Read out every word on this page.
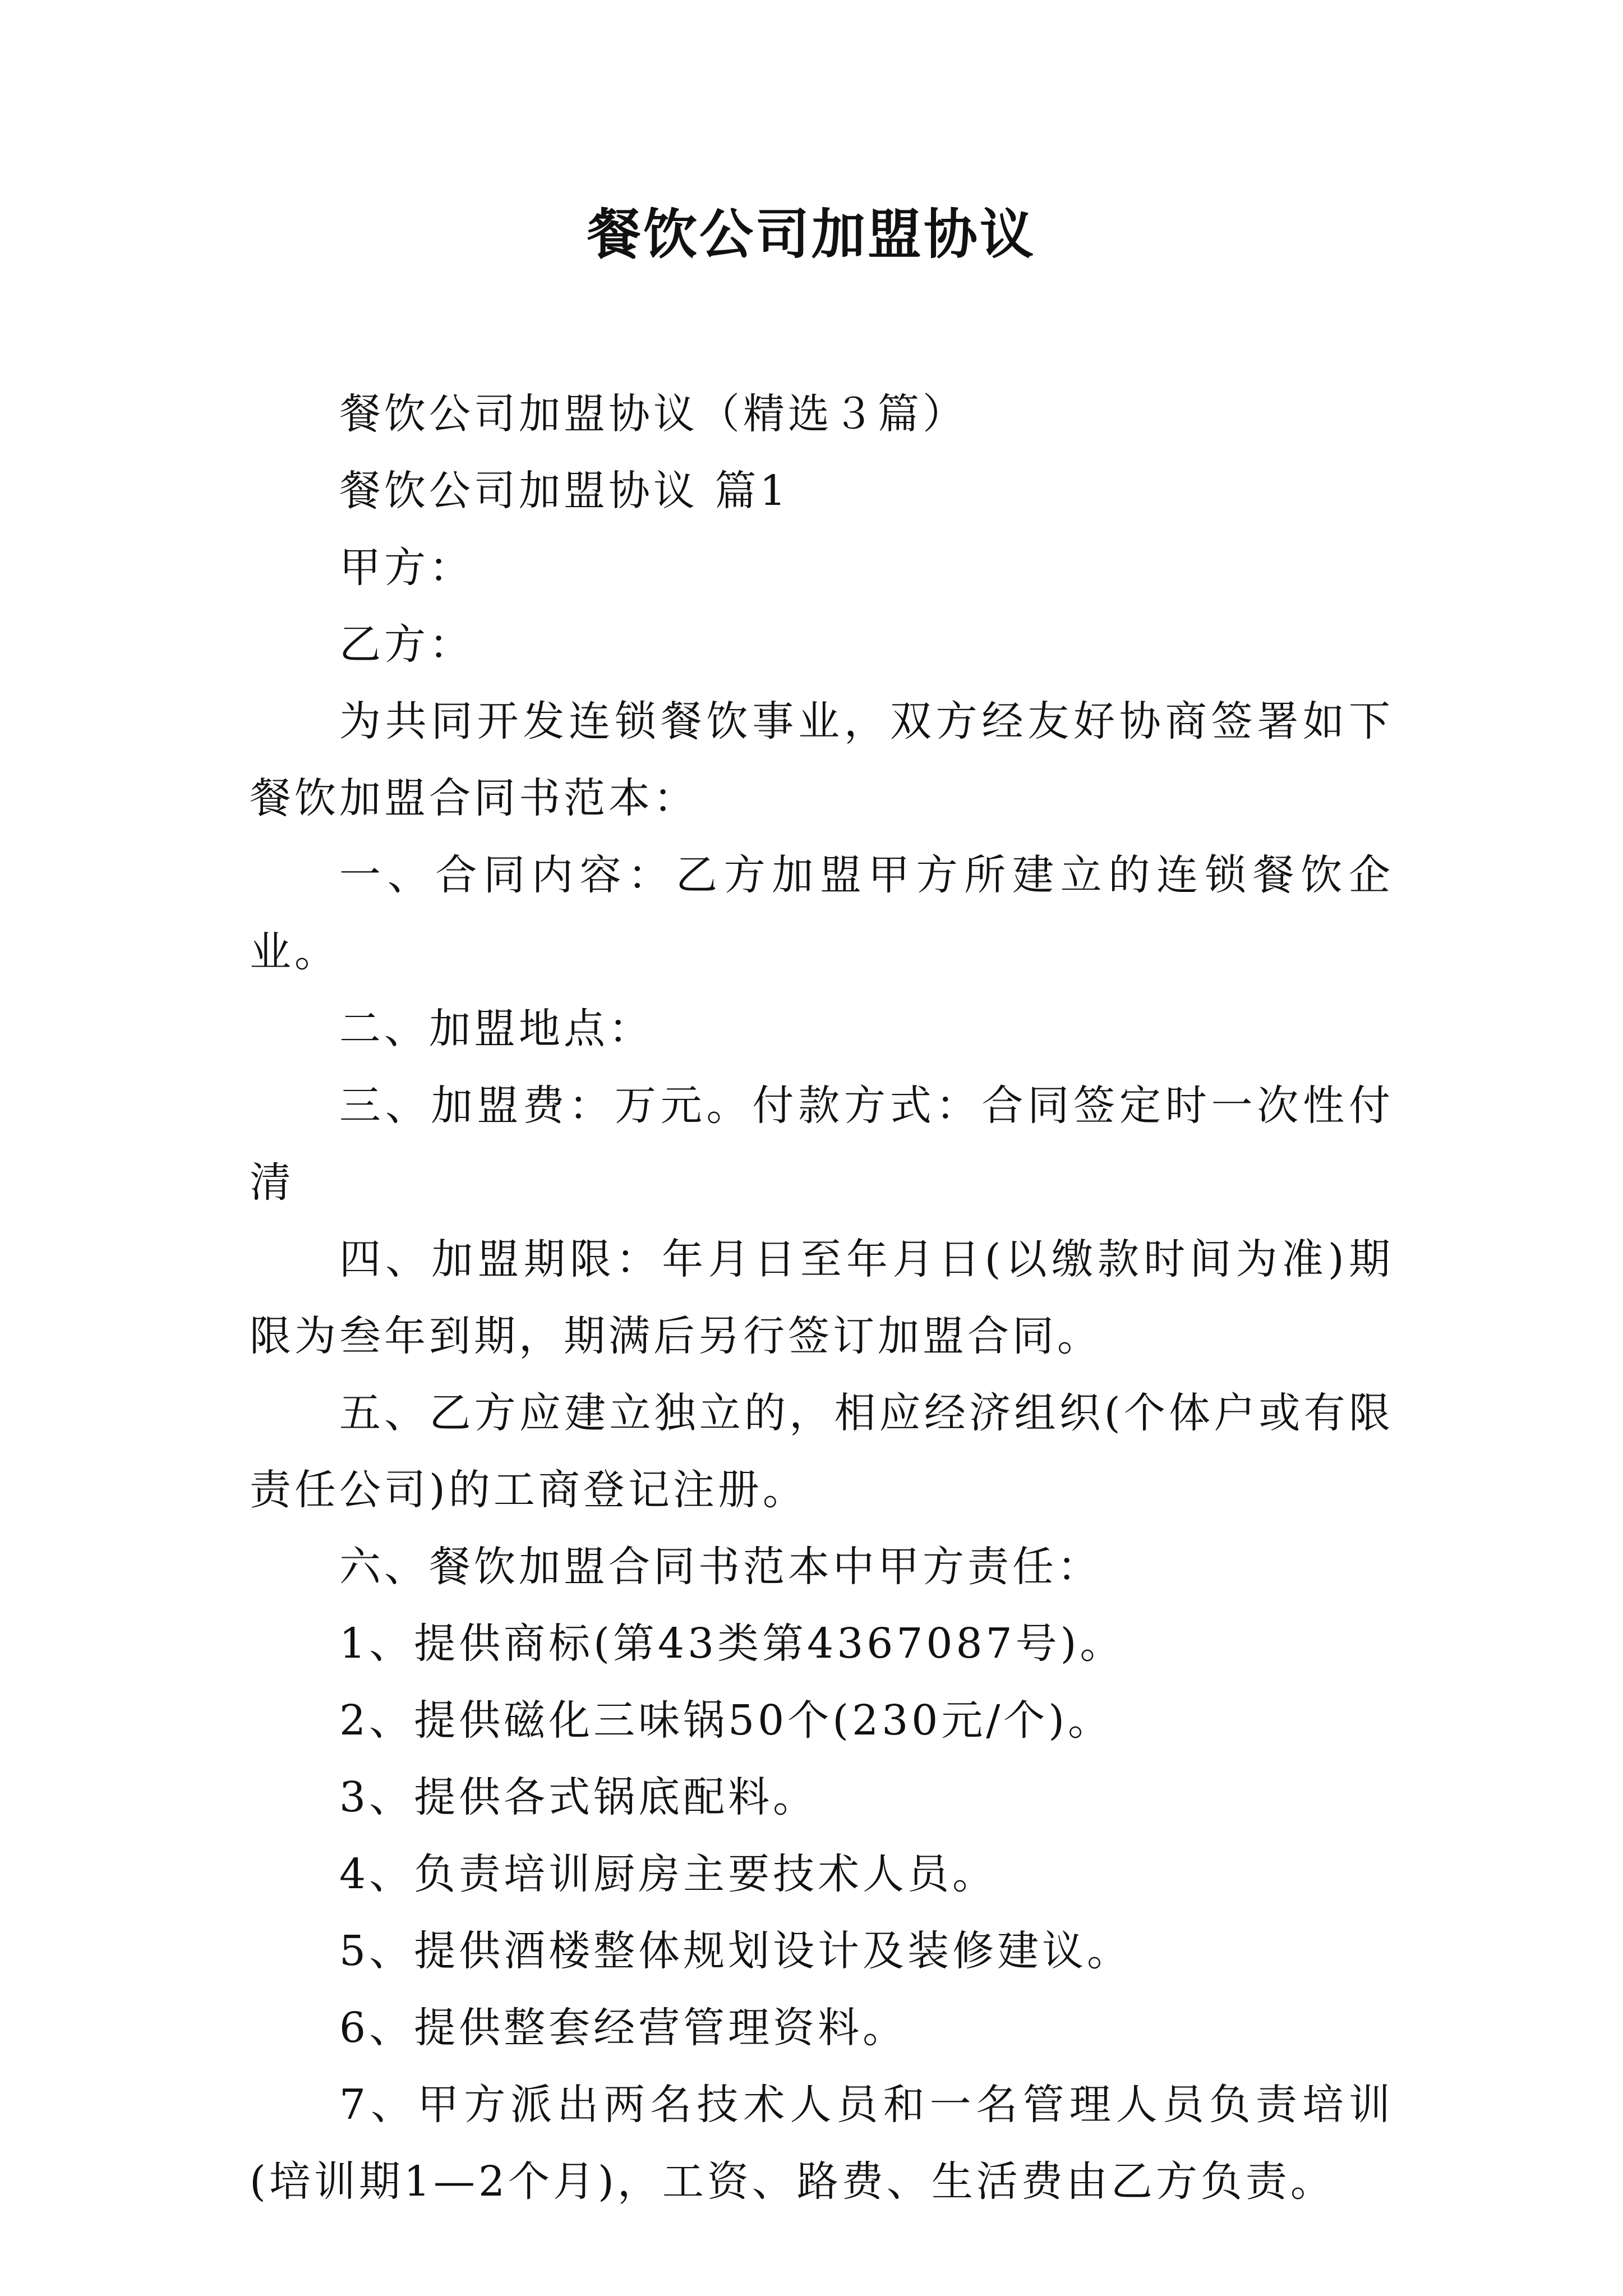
餐饮公司加盟协议

餐饮公司加盟协议（精选３篇）

餐饮公司加盟协议 篇1

甲方：

乙方：

为共同开发连锁餐饮事业，双方经友好协商签署如下餐饮加盟合同书范本：

一、合同内容：乙方加盟甲方所建立的连锁餐饮企业。

二、加盟地点：

三、加盟费：万元。付款方式：合同签定时一次性付清

四、加盟期限：年月日至年月日(以缴款时间为准)期限为叁年到期，期满后另行签订加盟合同。

五、乙方应建立独立的，相应经济组织(个体户或有限责任公司)的工商登记注册。

六、餐饮加盟合同书范本中甲方责任：

1、提供商标(第43类第4367087号)。

2、提供磁化三味锅50个(230元/个)。

3、提供各式锅底配料。

4、负责培训厨房主要技术人员。

5、提供酒楼整体规划设计及装修建议。

6、提供整套经营管理资料。

7、甲方派出两名技术人员和一名管理人员负责培训(培训期1—2个月)，工资、路费、生活费由乙方负责。
